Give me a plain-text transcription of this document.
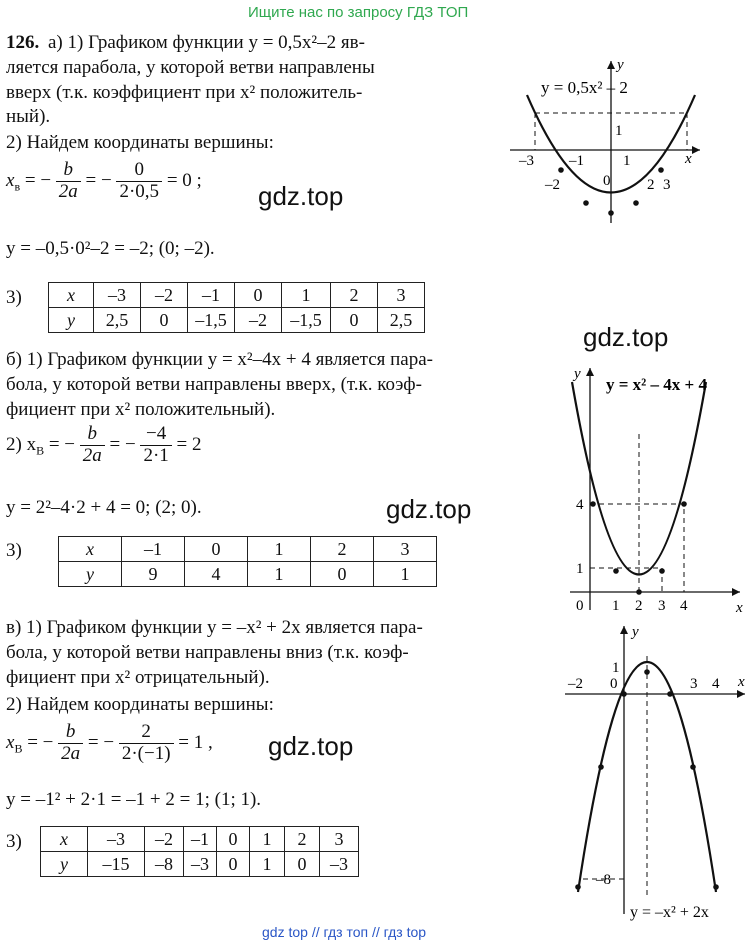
Ищите нас по запросу ГДЗ ТОП
126. а) 1) Графиком функции y = 0,5x²–2 яв-
ляется парабола, у которой ветви направлены
вверх (т.к. коэффициент при x² положитель-
ный).
2) Найдем координаты вершины:
$x_в$ = − $\frac{b}{2a}$ = − $\frac{0}{2\cdot 0,5} = 0$ ;
gdz.top
y = –0,5·0²–2 = –2; (0; –2).
3)	x	–3	–2	–1	0	1	2	3
y	2,5	0	–1,5	–2	–1,5	0	2,5
y = 0,5x² – 2
y
x
–3
–2
–1
0
1
2 3
1
gdz.top
б) 1) Графиком функции y = x²–4x + 4 является пара-
бола, у которой ветви направлены вверх, (т.к. коэф-
фициент при x² положительный).
2) $x_B$ = − $\frac{b}{2a}$ = − $\frac{-4}{2\cdot 1} = 2$
y = 2²–4·2 + 4 = 0; (2; 0).	gdz.top
3)	x	–1	0	1	2	3
y	9	4	1	0	1
y = x² – 4x + 4
y
x
0 1 2 3 4
4
1
в) 1) Графиком функции y = –x² + 2x является пара-
бола, у которой ветви направлены вниз (т.к. коэф-
фициент при x² отрицательный).
2) Найдем координаты вершины:
$x_B$ = − $\frac{b}{2a}$ = − $\frac{2}{2\cdot(-1)} = 1$ , gdz.top
y = –1² + 2·1 = –1 + 2 = 1; (1; 1).
3) x	–3	–2	–1	0	1	2	3
y	–15	–8	–3	0	1	0	–3
y
x
–2 0	3 4
1
–8
y = –x² + 2x
gdz top // гдз топ // гдз top
